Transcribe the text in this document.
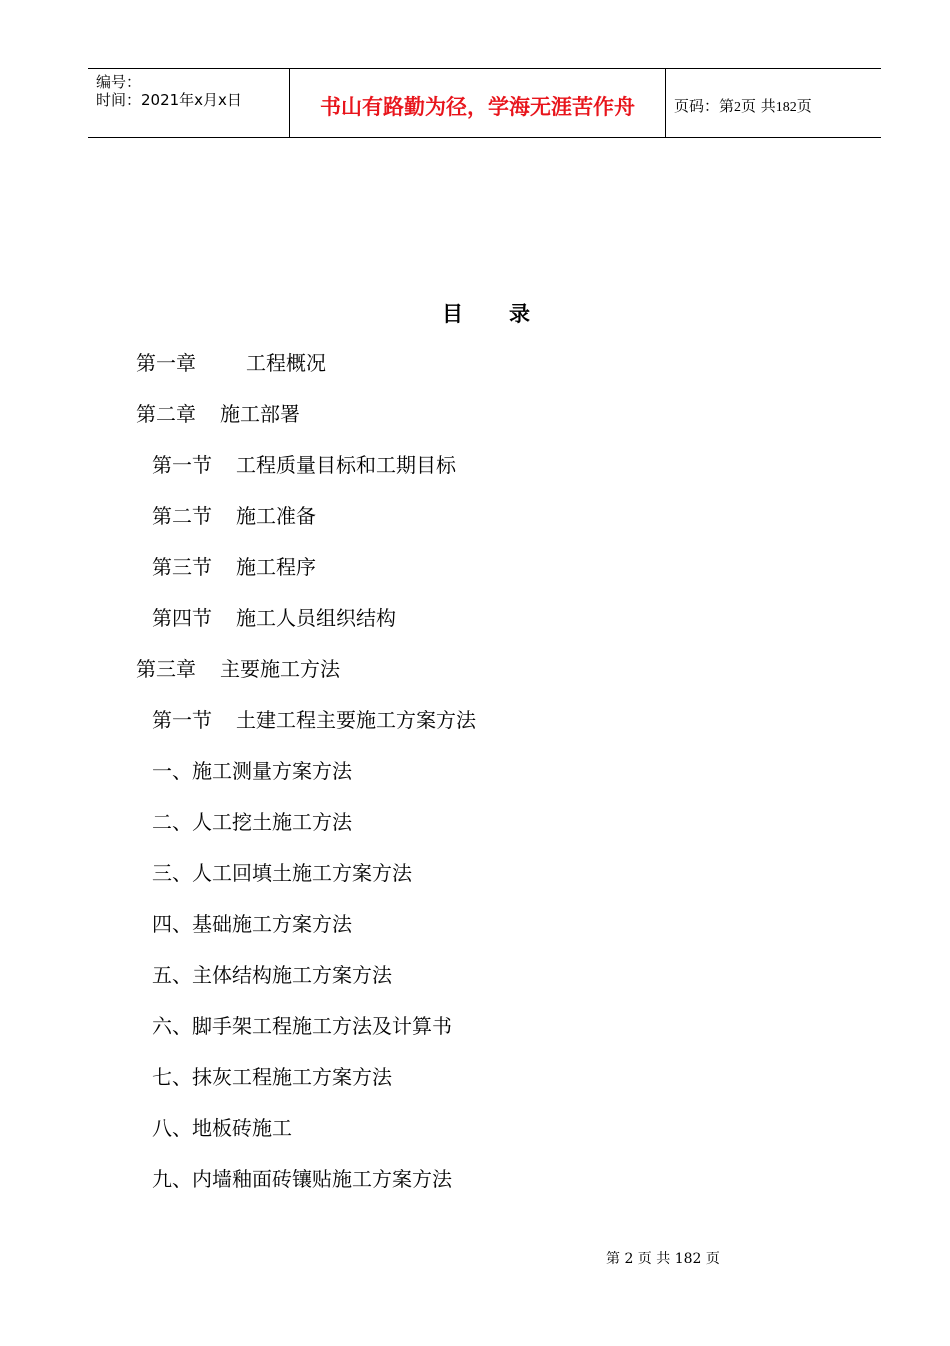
编号：
时间：2021年x月x日	书山有路勤为径，学海无涯苦作舟	页码：第2页 共182页
目录
第一章	工程概况
第二章 施工部署
第一节 工程质量目标和工期目标
第二节 施工准备
第三节 施工程序
第四节 施工人员组织结构
第三章 主要施工方法
第一节 土建工程主要施工方案方法
一、施工测量方案方法
二、人工挖土施工方法
三、人工回填土施工方案方法
四、基础施工方案方法
五、主体结构施工方案方法
六、脚手架工程施工方法及计算书
七、抹灰工程施工方案方法
八、地板砖施工
九、内墙釉面砖镶贴施工方案方法
第 2 页 共 182 页
